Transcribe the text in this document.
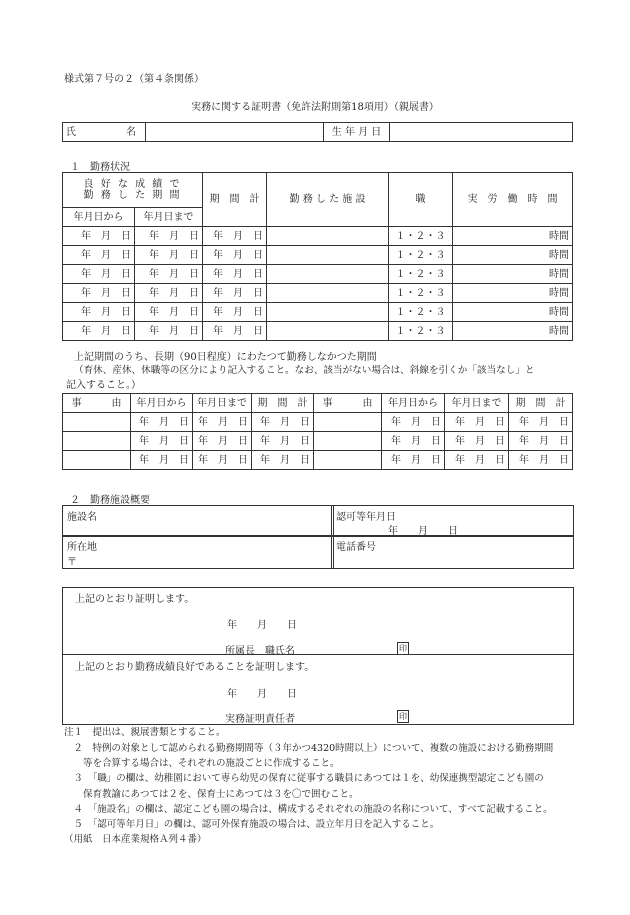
様式第７号の２（第４条関係）
実務に関する証明書（免許法附則第18項用）（親展書）
氏　　　　　名		生 年 月 日	
１　勤務状況
良 好 な 成 績 で
勤 務 し た 期 間		期　間　計	勤 務 し た 施 設	職	実　労　働　時　間
年月日から	年月日まで				
年　月　日	年　月　日	年　月　日		１・２・３	時間
年　月　日	年　月　日	年　月　日		１・２・３	時間
年　月　日	年　月　日	年　月　日		１・２・３	時間
年　月　日	年　月　日	年　月　日		１・２・３	時間
年　月　日	年　月　日	年　月　日		１・２・３	時間
年　月　日	年　月　日	年　月　日		１・２・３	時間
上記期間のうち、長期（90日程度）にわたつて勤務しなかつた期間
（育休、産休、休職等の区分により記入すること。なお、該当がない場合は、斜線を引くか「該当なし」と
記入すること。）
事　　　由	年月日から	年月日まで	期　間　計	事　　　由	年月日から	年月日まで	期　間　計
	年　月　日	年　月　日	年　月　日		年　月　日	年　月　日	年　月　日
	年　月　日	年　月　日	年　月　日		年　月　日	年　月　日	年　月　日
	年　月　日	年　月　日	年　月　日		年　月　日	年　月　日	年　月　日
２　勤務施設概要
施設名	認可等年月日
年　　月　　日
所在地
〒
電話番号
上記のとおり証明します。
年　　月　　日
所属長　職氏名	印
上記のとおり勤務成績良好であることを証明します。
年　　月　　日
実務証明責任者	印
注１　提出は、親展書類とすること。
　２　特例の対象として認められる勤務期間等（３年かつ4320時間以上）について、複数の施設における勤務期間
　　等を合算する場合は、それぞれの施設ごとに作成すること。
　３　「職」の欄は、幼稚園において専ら幼児の保育に従事する職員にあつては１を、幼保連携型認定こども園の
　　保育教諭にあつては２を、保育士にあつては３を〇で囲むこと。
　４　「施設名」の欄は、認定こども園の場合は、構成するそれぞれの施設の名称について、すべて記載すること。
　５　「認可等年月日」の欄は、認可外保育施設の場合は、設立年月日を記入すること。
（用紙　日本産業規格Ａ列４番）
